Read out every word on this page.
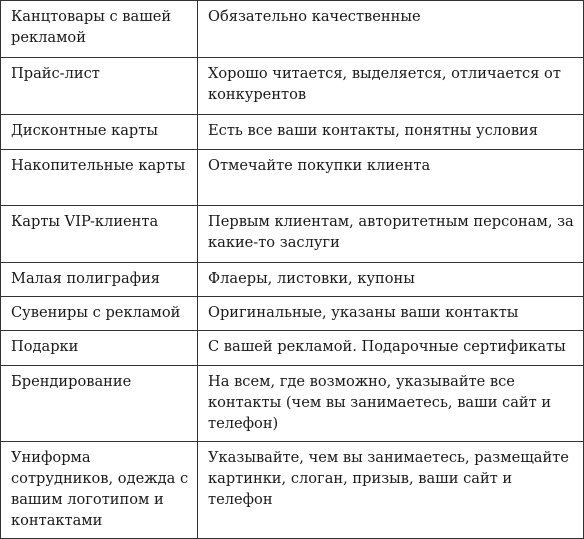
Канцтовары с вашей рекламой	Обязательно качественные
Прайс-лист	Хорошо читается, выделяется, отличается от конкурентов
Дисконтные карты	Есть все ваши контакты, понятны условия
Накопительные карты	Отмечайте покупки клиента
Карты VIP-клиента	Первым клиентам, авторитетным персонам, за какие-то заслуги
Малая полиграфия	Флаеры, листовки, купоны
Сувениры с рекламой	Оригинальные, указаны ваши контакты
Подарки	С вашей рекламой. Подарочные сертификаты
Брендирование	На всем, где возможно, указывайте все контакты (чем вы занимаетесь, ваши сайт и телефон)
Униформа сотрудников, одежда с вашим логотипом и контактами	Указывайте, чем вы занимаетесь, размещайте картинки, слоган, призыв, ваши сайт и телефон
